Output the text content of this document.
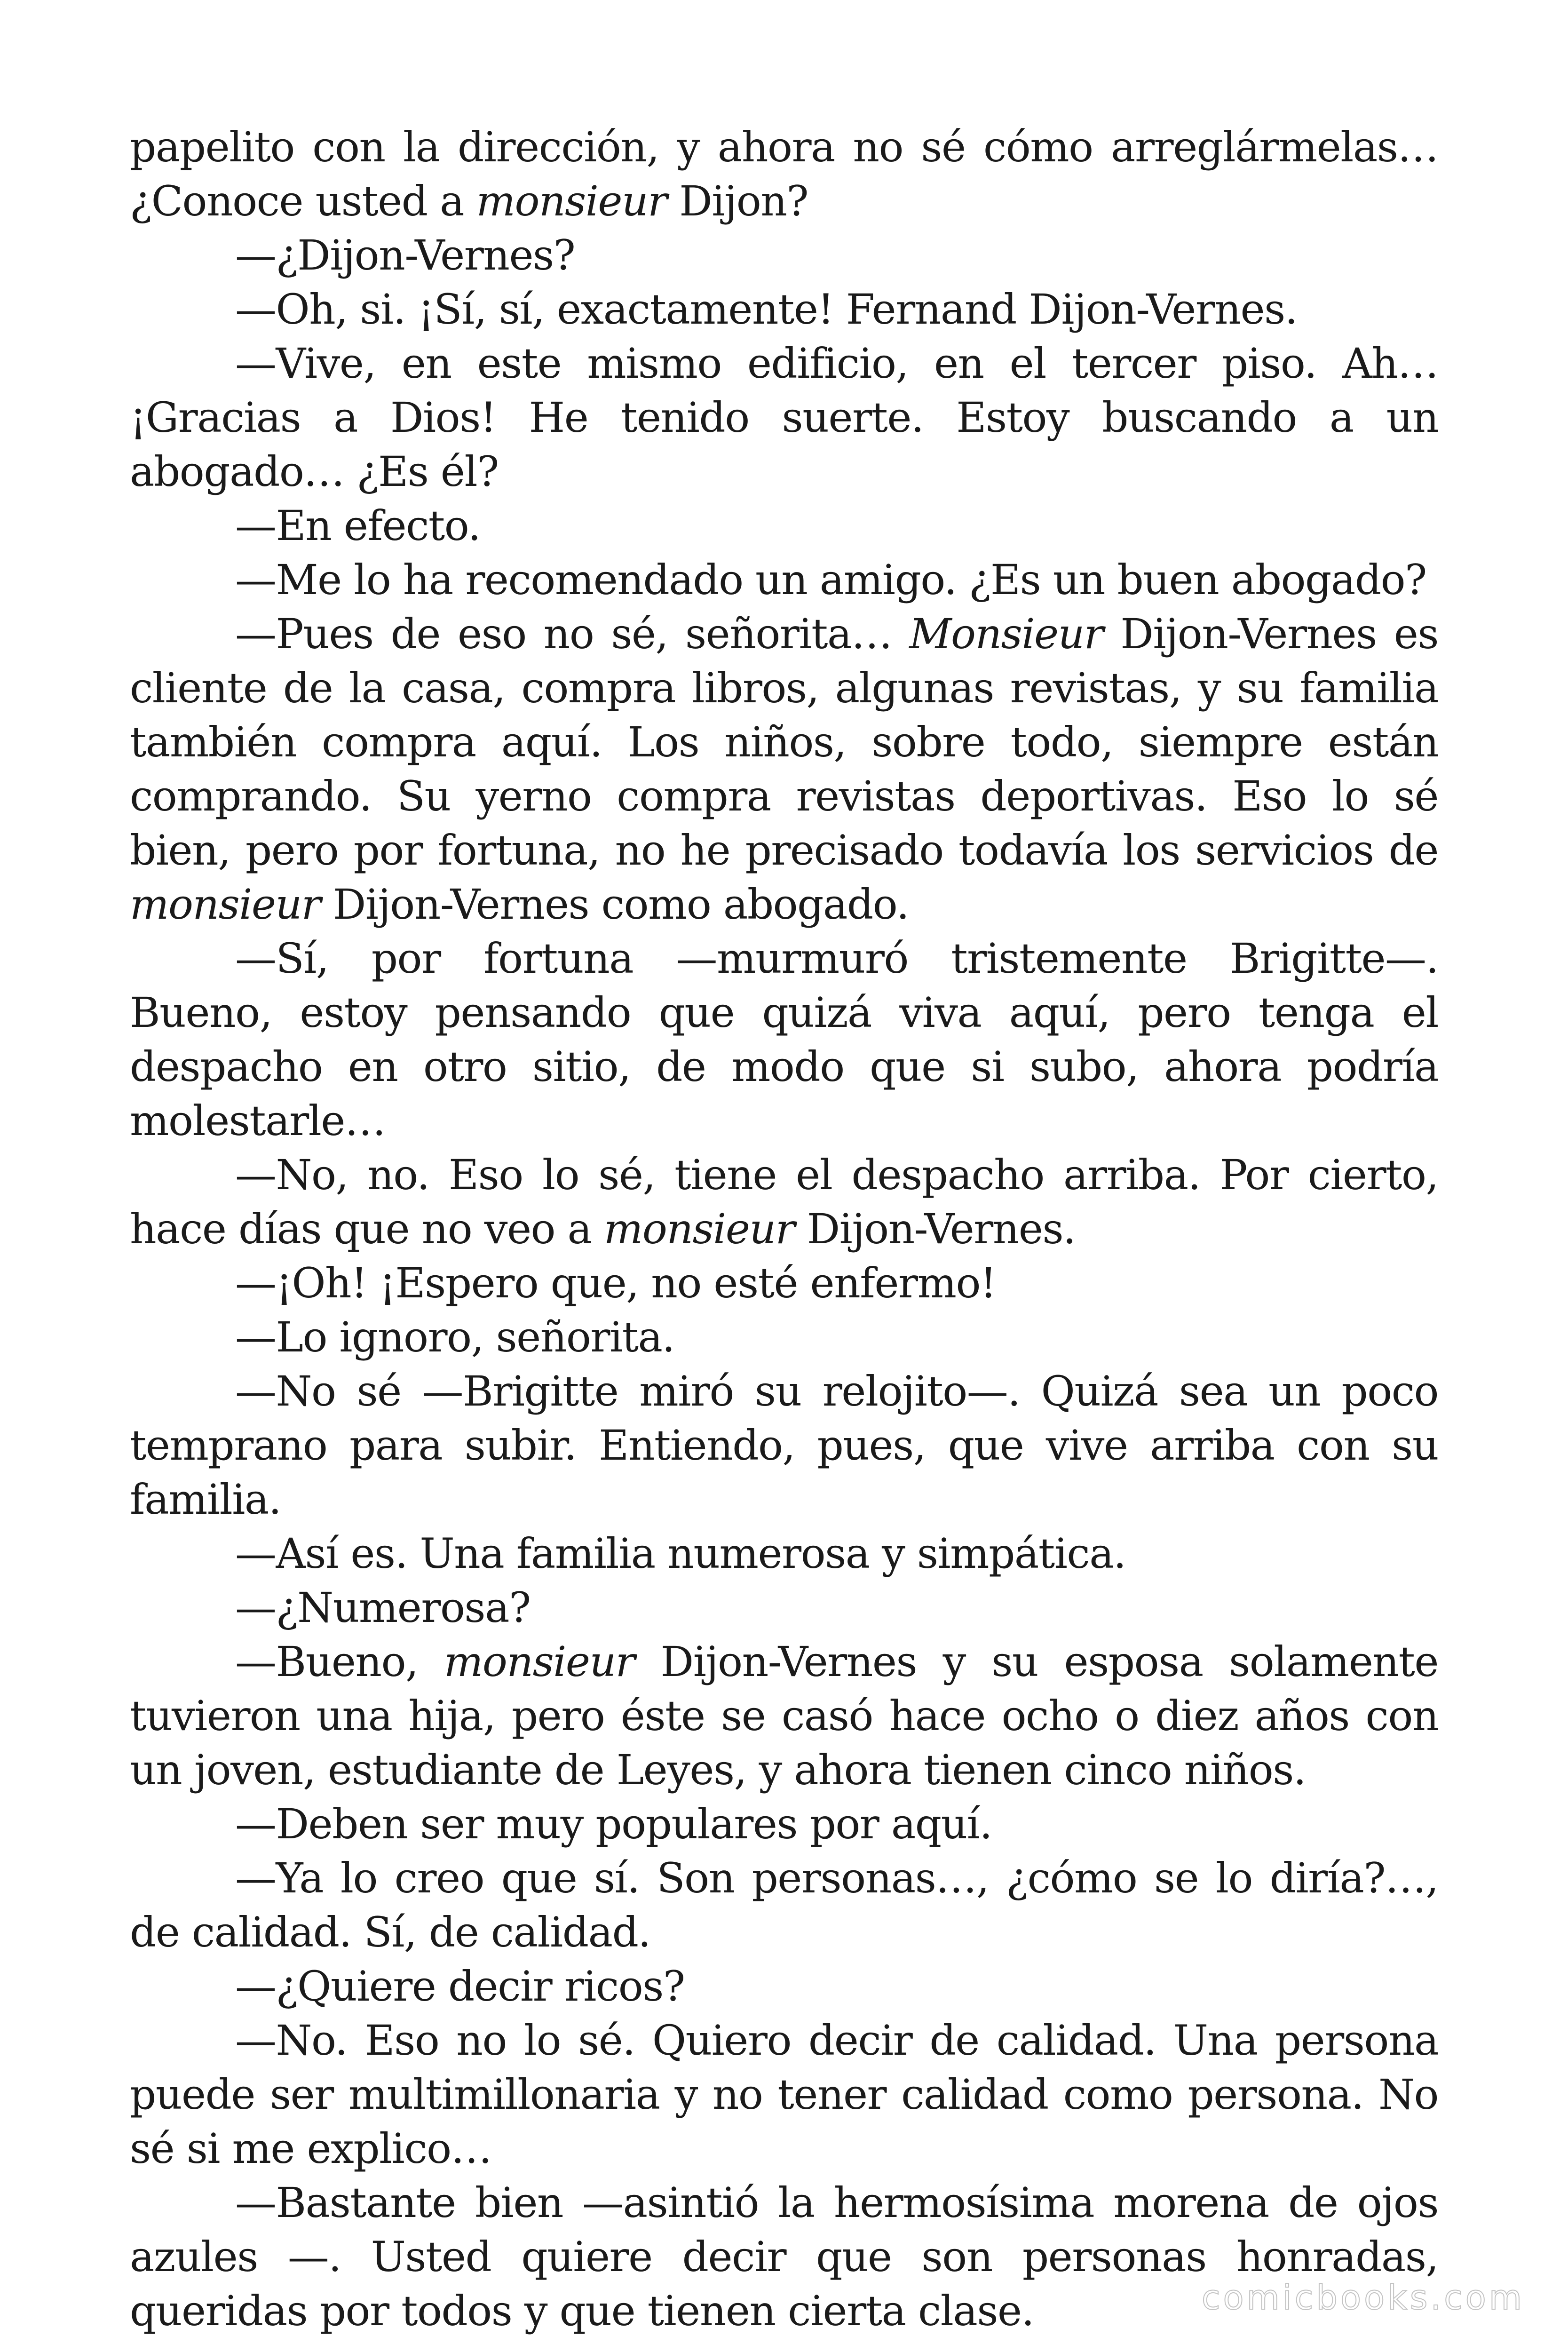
papelito con la dirección, y ahora no sé cómo arreglármelas… ¿Conoce usted a monsieur Dijon?

—¿Dijon-Vernes?

—Oh, si. ¡Sí, sí, exactamente! Fernand Dijon-Vernes.

—Vive, en este mismo edificio, en el tercer piso. Ah… ¡Gracias a Dios! He tenido suerte. Estoy buscando a un abogado… ¿Es él?

—En efecto.

—Me lo ha recomendado un amigo. ¿Es un buen abogado?

—Pues de eso no sé, señorita… Monsieur Dijon-Vernes es cliente de la casa, compra libros, algunas revistas, y su familia también compra aquí. Los niños, sobre todo, siempre están comprando. Su yerno compra revistas deportivas. Eso lo sé bien, pero por fortuna, no he precisado todavía los servicios de monsieur Dijon-Vernes como abogado.

—Sí, por fortuna —murmuró tristemente Brigitte—. Bueno, estoy pensando que quizá viva aquí, pero tenga el despacho en otro sitio, de modo que si subo, ahora podría molestarle…

—No, no. Eso lo sé, tiene el despacho arriba. Por cierto, hace días que no veo a monsieur Dijon-Vernes.

—¡Oh! ¡Espero que, no esté enfermo!

—Lo ignoro, señorita.

—No sé —Brigitte miró su relojito—. Quizá sea un poco temprano para subir. Entiendo, pues, que vive arriba con su familia.

—Así es. Una familia numerosa y simpática.

—¿Numerosa?

—Bueno, monsieur Dijon-Vernes y su esposa solamente tuvieron una hija, pero éste se casó hace ocho o diez años con un joven, estudiante de Leyes, y ahora tienen cinco niños.

—Deben ser muy populares por aquí.

—Ya lo creo que sí. Son personas…, ¿cómo se lo diría?…, de calidad. Sí, de calidad.

—¿Quiere decir ricos?

—No. Eso no lo sé. Quiero decir de calidad. Una persona puede ser multimillonaria y no tener calidad como persona. No sé si me explico…

—Bastante bien —asintió la hermosísima morena de ojos azules —. Usted quiere decir que son personas honradas, queridas por todos y que tienen cierta clase.	comicbooks.com
